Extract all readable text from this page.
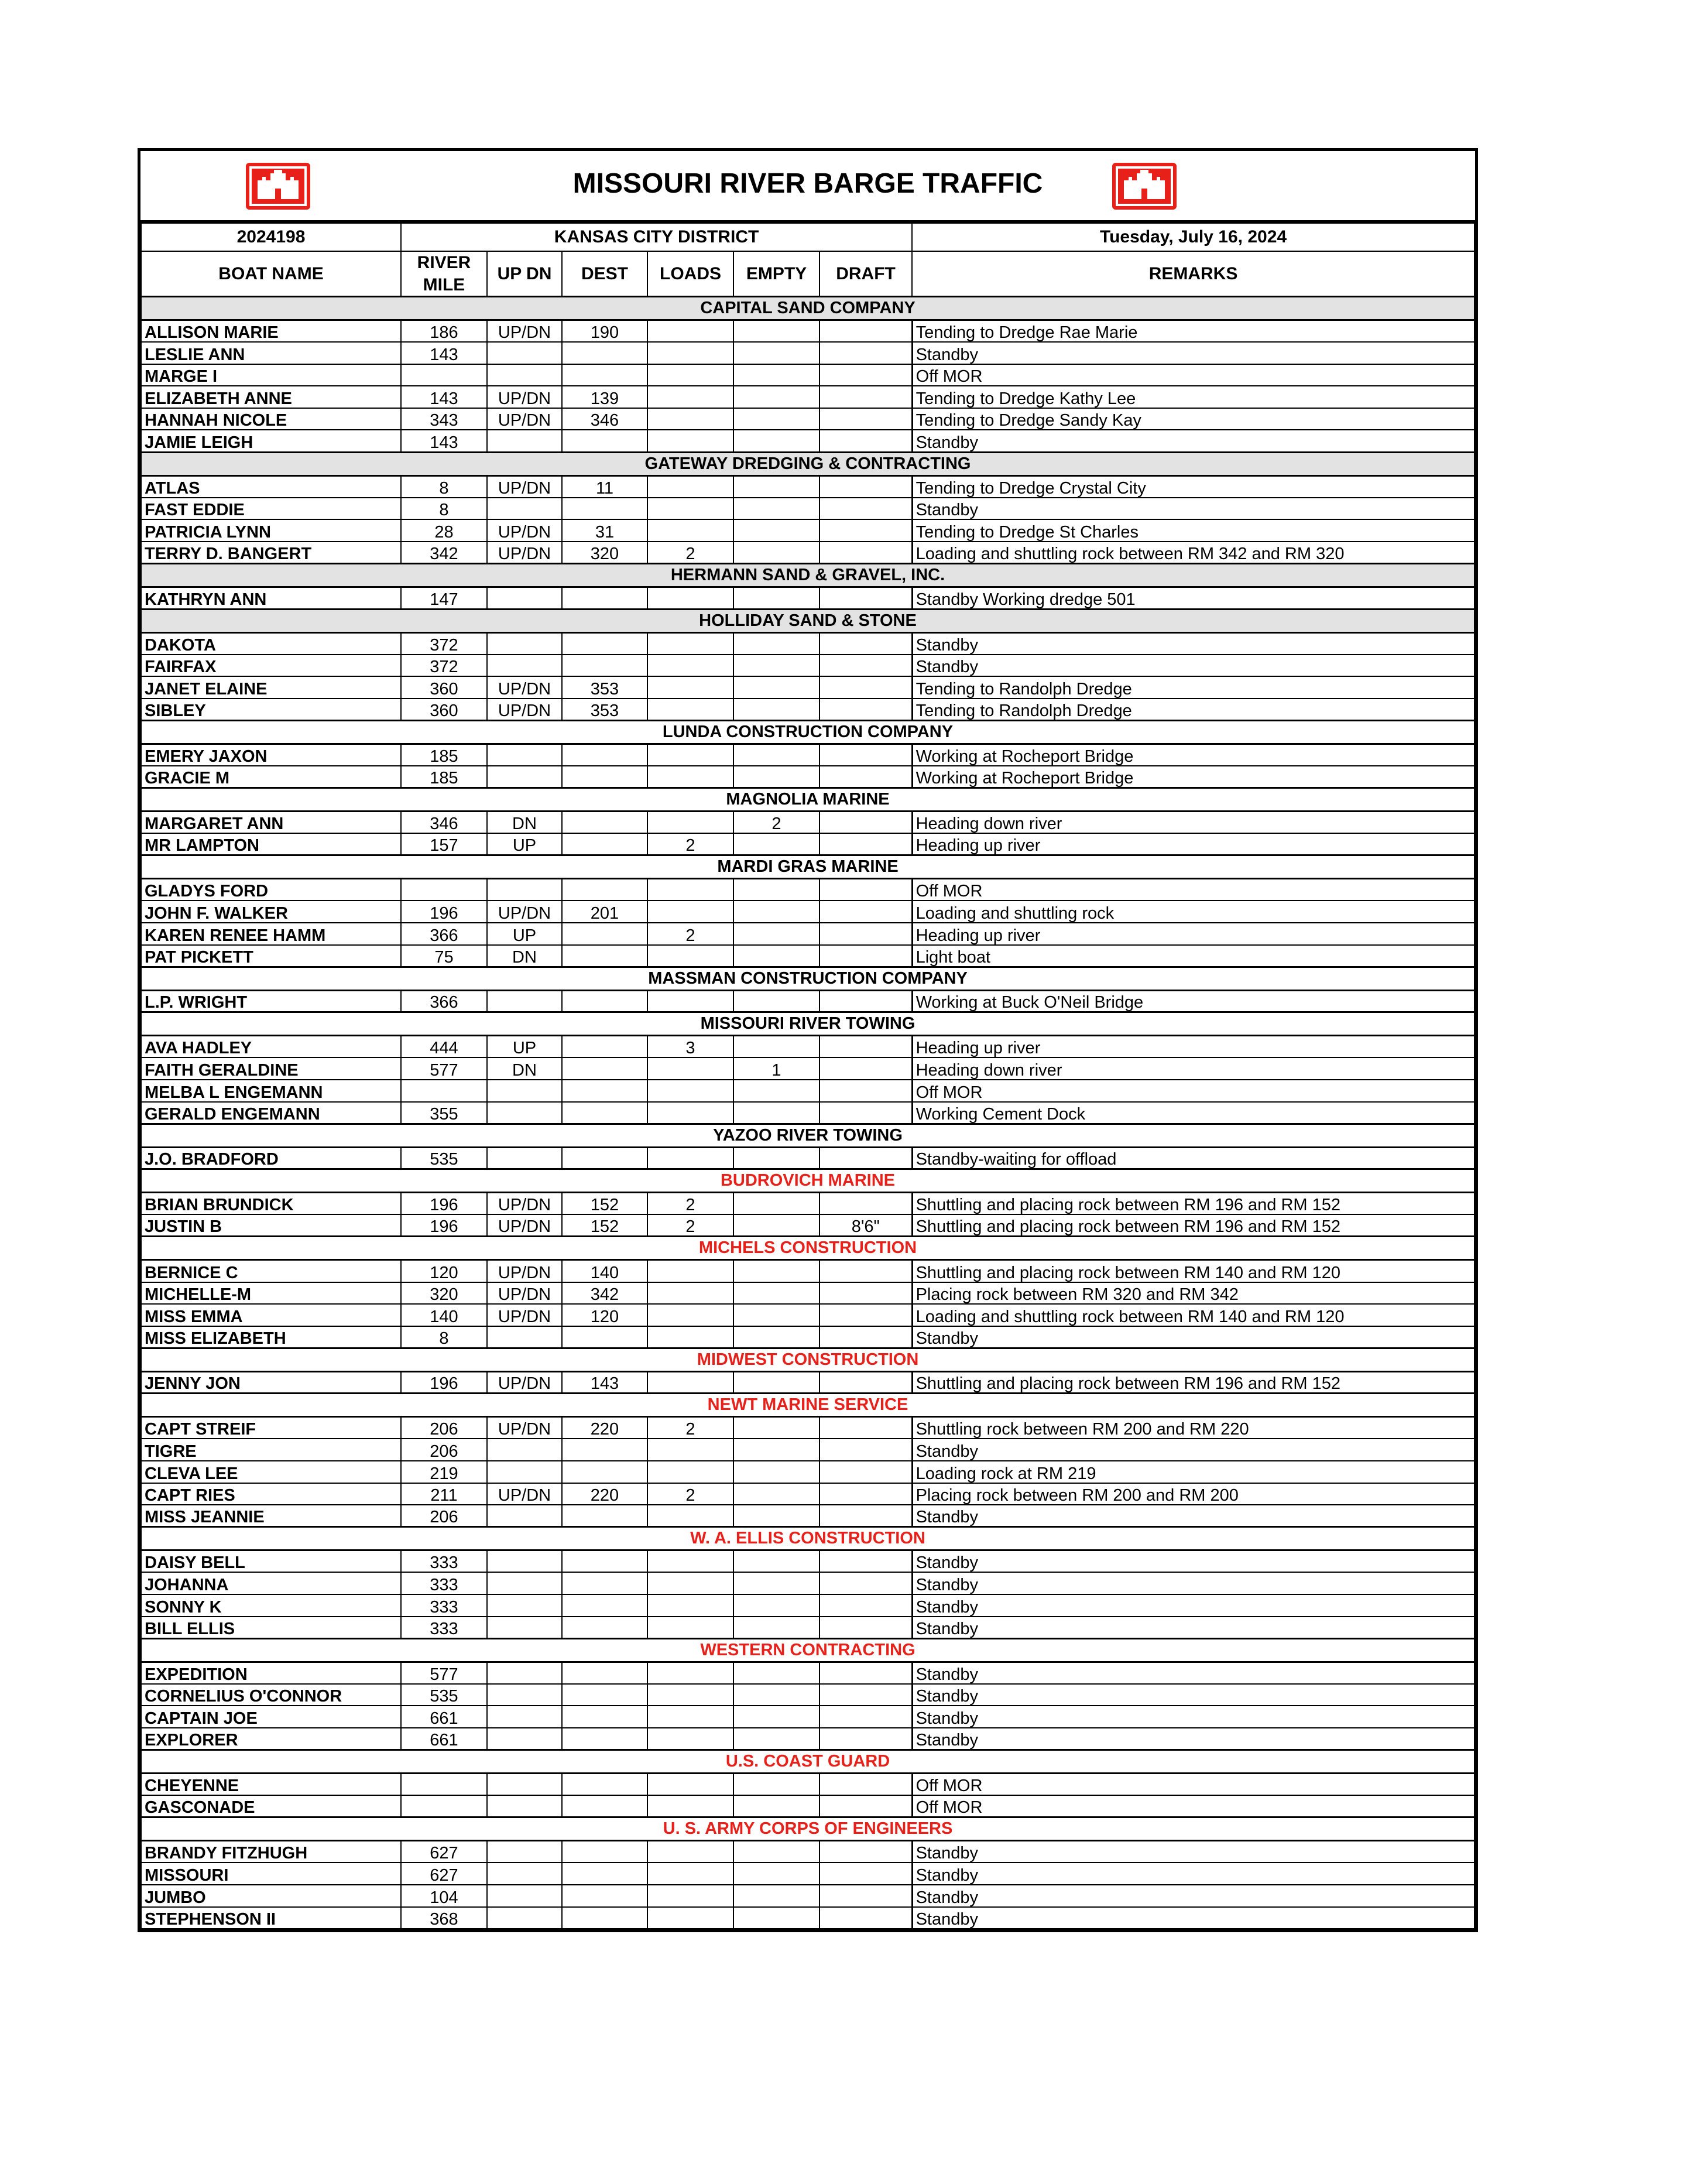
MISSOURI RIVER BARGE TRAFFIC
2024198	KANSAS CITY DISTRICT						Tuesday, July 16, 2024
BOAT NAME	RIVER MILE	UP DN	DEST	LOADS	EMPTY	DRAFT	REMARKS
CAPITAL SAND COMPANY							
ALLISON MARIE	186	UP/DN	190				Tending to Dredge Rae Marie
LESLIE ANN	143						Standby
MARGE I							Off MOR
ELIZABETH ANNE	143	UP/DN	139				Tending to Dredge Kathy Lee
HANNAH NICOLE	343	UP/DN	346				Tending to Dredge Sandy Kay
JAMIE LEIGH	143						Standby
GATEWAY DREDGING & CONTRACTING							
ATLAS	8	UP/DN	11				Tending to Dredge Crystal City
FAST EDDIE	8						Standby
PATRICIA LYNN	28	UP/DN	31				Tending to Dredge St Charles
TERRY D. BANGERT	342	UP/DN	320	2			Loading and shuttling rock between RM 342 and RM 320
HERMANN SAND & GRAVEL, INC.							
KATHRYN ANN	147						Standby Working dredge 501
HOLLIDAY SAND & STONE							
DAKOTA	372						Standby
FAIRFAX	372						Standby
JANET ELAINE	360	UP/DN	353				Tending to Randolph Dredge
SIBLEY	360	UP/DN	353				Tending to Randolph Dredge
LUNDA CONSTRUCTION COMPANY							
EMERY JAXON	185						Working at Rocheport Bridge
GRACIE M	185						Working at Rocheport Bridge
MAGNOLIA MARINE							
MARGARET ANN	346	DN			2		Heading down river
MR LAMPTON	157	UP		2			Heading up river
MARDI GRAS MARINE							
GLADYS FORD							Off MOR
JOHN F. WALKER	196	UP/DN	201				Loading and shuttling rock
KAREN RENEE HAMM	366	UP		2			Heading up river
PAT PICKETT	75	DN					Light boat
MASSMAN CONSTRUCTION COMPANY							
L.P. WRIGHT	366						Working at Buck O'Neil Bridge
MISSOURI RIVER TOWING							
AVA HADLEY	444	UP		3			Heading up river
FAITH GERALDINE	577	DN			1		Heading down river
MELBA L ENGEMANN							Off MOR
GERALD ENGEMANN	355						Working Cement Dock
YAZOO RIVER TOWING							
J.O. BRADFORD	535						Standby-waiting for offload
BUDROVICH MARINE							
BRIAN BRUNDICK	196	UP/DN	152	2			Shuttling and placing rock between RM 196 and RM 152
JUSTIN B	196	UP/DN	152	2		8'6"	Shuttling and placing rock between RM 196 and RM 152
MICHELS CONSTRUCTION							
BERNICE C	120	UP/DN	140				Shuttling and placing rock between RM 140 and RM 120
MICHELLE-M	320	UP/DN	342				Placing rock between RM 320 and RM 342
MISS EMMA	140	UP/DN	120				Loading and shuttling rock between RM 140 and RM 120
MISS ELIZABETH	8						Standby
MIDWEST CONSTRUCTION							
JENNY JON	196	UP/DN	143				Shuttling and placing rock between RM 196 and RM 152
NEWT MARINE SERVICE							
CAPT STREIF	206	UP/DN	220	2			Shuttling rock between RM 200 and RM 220
TIGRE	206						Standby
CLEVA LEE	219						Loading rock at RM 219
CAPT RIES	211	UP/DN	220	2			Placing rock between RM 200 and RM 200
MISS JEANNIE	206						Standby
W. A. ELLIS CONSTRUCTION							
DAISY BELL	333						Standby
JOHANNA	333						Standby
SONNY K	333						Standby
BILL ELLIS	333						Standby
WESTERN CONTRACTING							
EXPEDITION	577						Standby
CORNELIUS O'CONNOR	535						Standby
CAPTAIN JOE	661						Standby
EXPLORER	661						Standby
U.S. COAST GUARD							
CHEYENNE							Off MOR
GASCONADE							Off MOR
U. S. ARMY CORPS OF ENGINEERS							
BRANDY FITZHUGH	627						Standby
MISSOURI	627						Standby
JUMBO	104						Standby
STEPHENSON II	368						Standby
